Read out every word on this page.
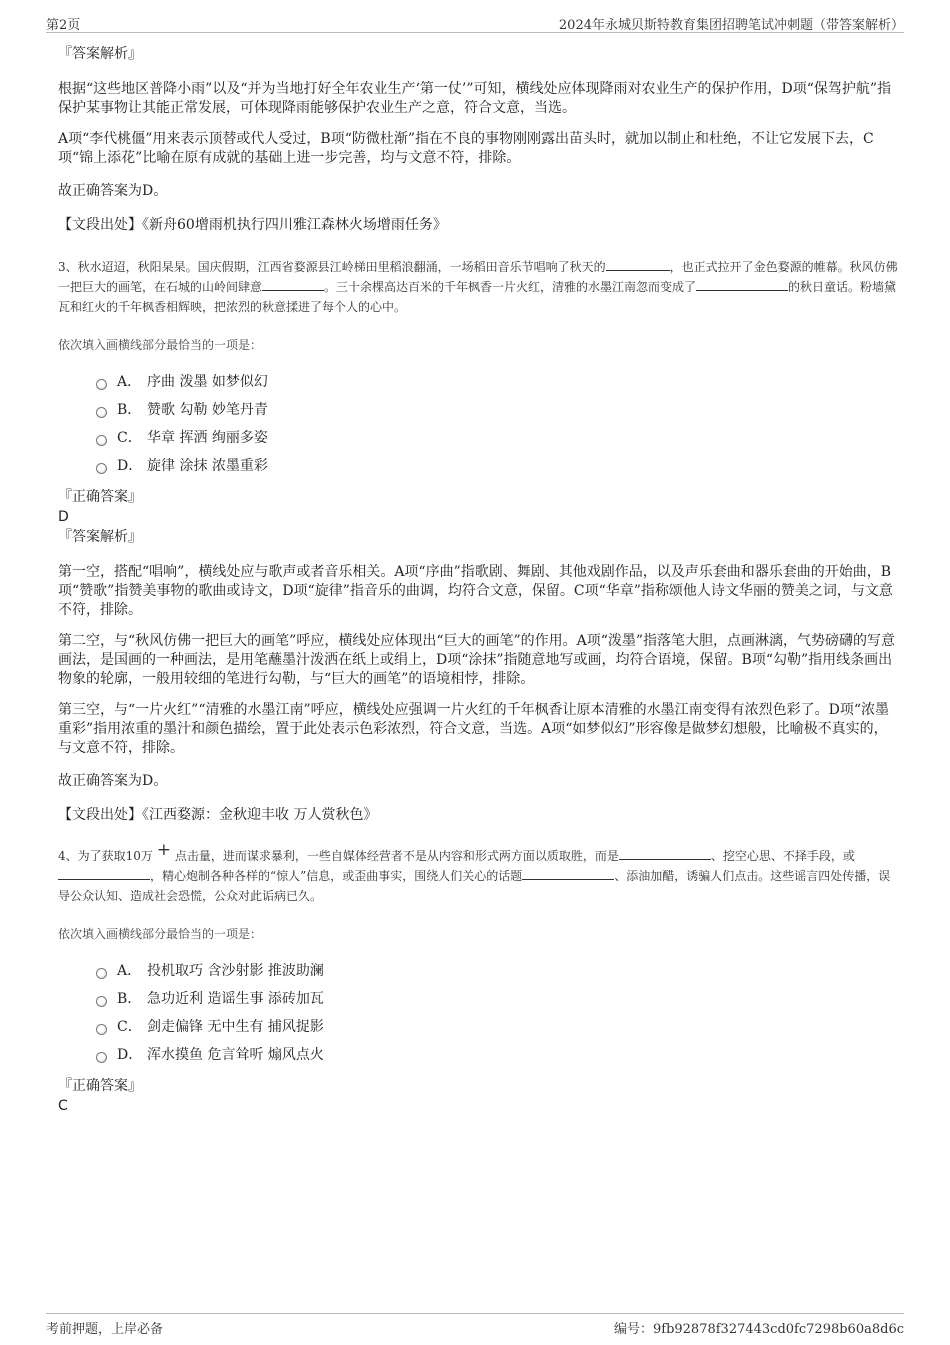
第2页	2024年永城贝斯特教育集团招聘笔试冲刺题（带答案解析）

『答案解析』

根据“这些地区普降小雨”以及“并为当地打好全年农业生产‘第一仗’”可知，横线处应体现降雨对农业生产的保护作用，D项“保驾护航”指保护某事物让其能正常发展，可体现降雨能够保护农业生产之意，符合文意，当选。

A项“李代桃僵”用来表示顶替或代人受过，B项“防微杜渐”指在不良的事物刚刚露出苗头时，就加以制止和杜绝，不让它发展下去，C项“锦上添花”比喻在原有成就的基础上进一步完善，均与文意不符，排除。

故正确答案为D。

【文段出处】《新舟60增雨机执行四川雅江森林火场增雨任务》

3、秋水迢迢，秋阳杲杲。国庆假期，江西省婺源县江岭梯田里稻浪翻涌，一场稻田音乐节唱响了秋天的	，也正式拉开了金色婺源的帷幕。秋风仿佛一把巨大的画笔，在石城的山岭间肆意	。三十余棵高达百米的千年枫香一片火红，清雅的水墨江南忽而变成了	的秋日童话。粉墙黛瓦和红火的千年枫香相辉映，把浓烈的秋意揉进了每个人的心中。

依次填入画横线部分最恰当的一项是：

A． 序曲 泼墨 如梦似幻
B． 赞歌 勾勒 妙笔丹青
C． 华章 挥洒 绚丽多姿
D． 旋律 涂抹 浓墨重彩

『正确答案』

D

『答案解析』

第一空，搭配“唱响”，横线处应与歌声或者音乐相关。A项“序曲”指歌剧、舞剧、其他戏剧作品，以及声乐套曲和器乐套曲的开始曲，B项“赞歌”指赞美事物的歌曲或诗文，D项“旋律”指音乐的曲调，均符合文意，保留。C项“华章”指称颂他人诗文华丽的赞美之词，与文意不符，排除。

第二空，与“秋风仿佛一把巨大的画笔”呼应，横线处应体现出“巨大的画笔”的作用。A项“泼墨”指落笔大胆，点画淋漓，气势磅礴的写意画法，是国画的一种画法，是用笔蘸墨汁泼洒在纸上或绢上，D项“涂抹”指随意地写或画，均符合语境，保留。B项“勾勒”指用线条画出物象的轮廓，一般用较细的笔进行勾勒，与“巨大的画笔”的语境相悖，排除。

第三空，与“一片火红”“清雅的水墨江南”呼应，横线处应强调一片火红的千年枫香让原本清雅的水墨江南变得有浓烈色彩了。D项“浓墨重彩”指用浓重的墨汁和颜色描绘，置于此处表示色彩浓烈，符合文意，当选。A项“如梦似幻”形容像是做梦幻想般，比喻极不真实的，与文意不符，排除。

故正确答案为D。

【文段出处】《江西婺源：金秋迎丰收 万人赏秋色》

4、为了获取10万 + 点击量，进而谋求暴利，一些自媒体经营者不是从内容和形式两方面以质取胜，而是	、挖空心思、不择手段，或，精心炮制各种各样的“惊人”信息，或歪曲事实，围绕人们关心的话题	、添油加醋，诱骗人们点击。这些谣言四处传播，误导公众认知、造成社会恐慌，公众对此诟病已久。

依次填入画横线部分最恰当的一项是：

A． 投机取巧 含沙射影 推波助澜
B． 急功近利 造谣生事 添砖加瓦
C． 剑走偏锋 无中生有 捕风捉影
D． 浑水摸鱼 危言耸听 煽风点火

『正确答案』

C

考前押题，上岸必备	编号：9fb92878f327443cd0fc7298b60a8d6c
